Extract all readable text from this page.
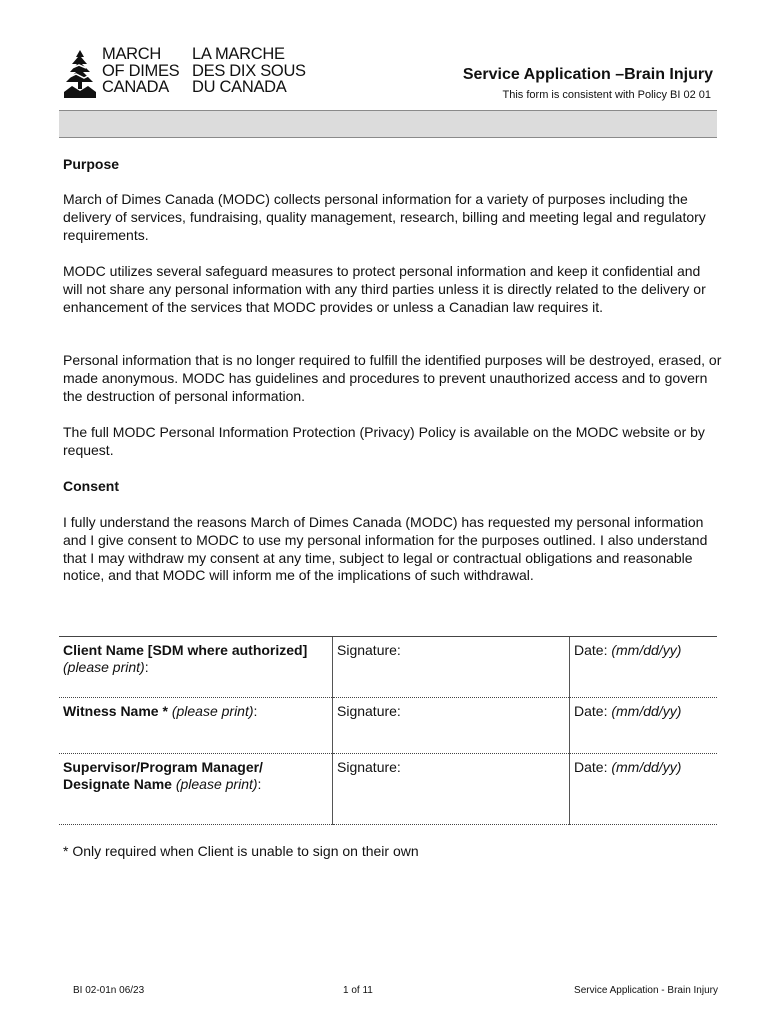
MARCH
OF DIMES
CANADA
LA MARCHE
DES DIX SOUS
DU CANADA
Service Application –Brain Injury
This form is consistent with Policy BI 02 01
Purpose
March of Dimes Canada (MODC) collects personal information for a variety of purposes including the delivery of services, fundraising, quality management, research, billing and meeting legal and regulatory requirements.
MODC utilizes several safeguard measures to protect personal information and keep it confidential and will not share any personal information with any third parties unless it is directly related to the delivery or enhancement of the services that MODC provides or unless a Canadian law requires it.
Personal information that is no longer required to fulfill the identified purposes will be destroyed, erased, or made anonymous. MODC has guidelines and procedures to prevent unauthorized access and to govern the destruction of personal information.
The full MODC Personal Information Protection (Privacy) Policy is available on the MODC website or by request.
Consent
I fully understand the reasons March of Dimes Canada (MODC) has requested my personal information and I give consent to MODC to use my personal information for the purposes outlined. I also understand that I may withdraw my consent at any time, subject to legal or contractual obligations and reasonable notice, and that MODC will inform me of the implications of such withdrawal.
Client Name [SDM where authorized]
(please print):	Signature:	Date: (mm/dd/yy)
Witness Name * (please print):	Signature:	Date: (mm/dd/yy)
Supervisor/Program Manager/ Designate Name (please print):	Signature:	Date: (mm/dd/yy)
* Only required when Client is unable to sign on their own
BI 02-01n 06/23	1 of 11	Service Application - Brain Injury
